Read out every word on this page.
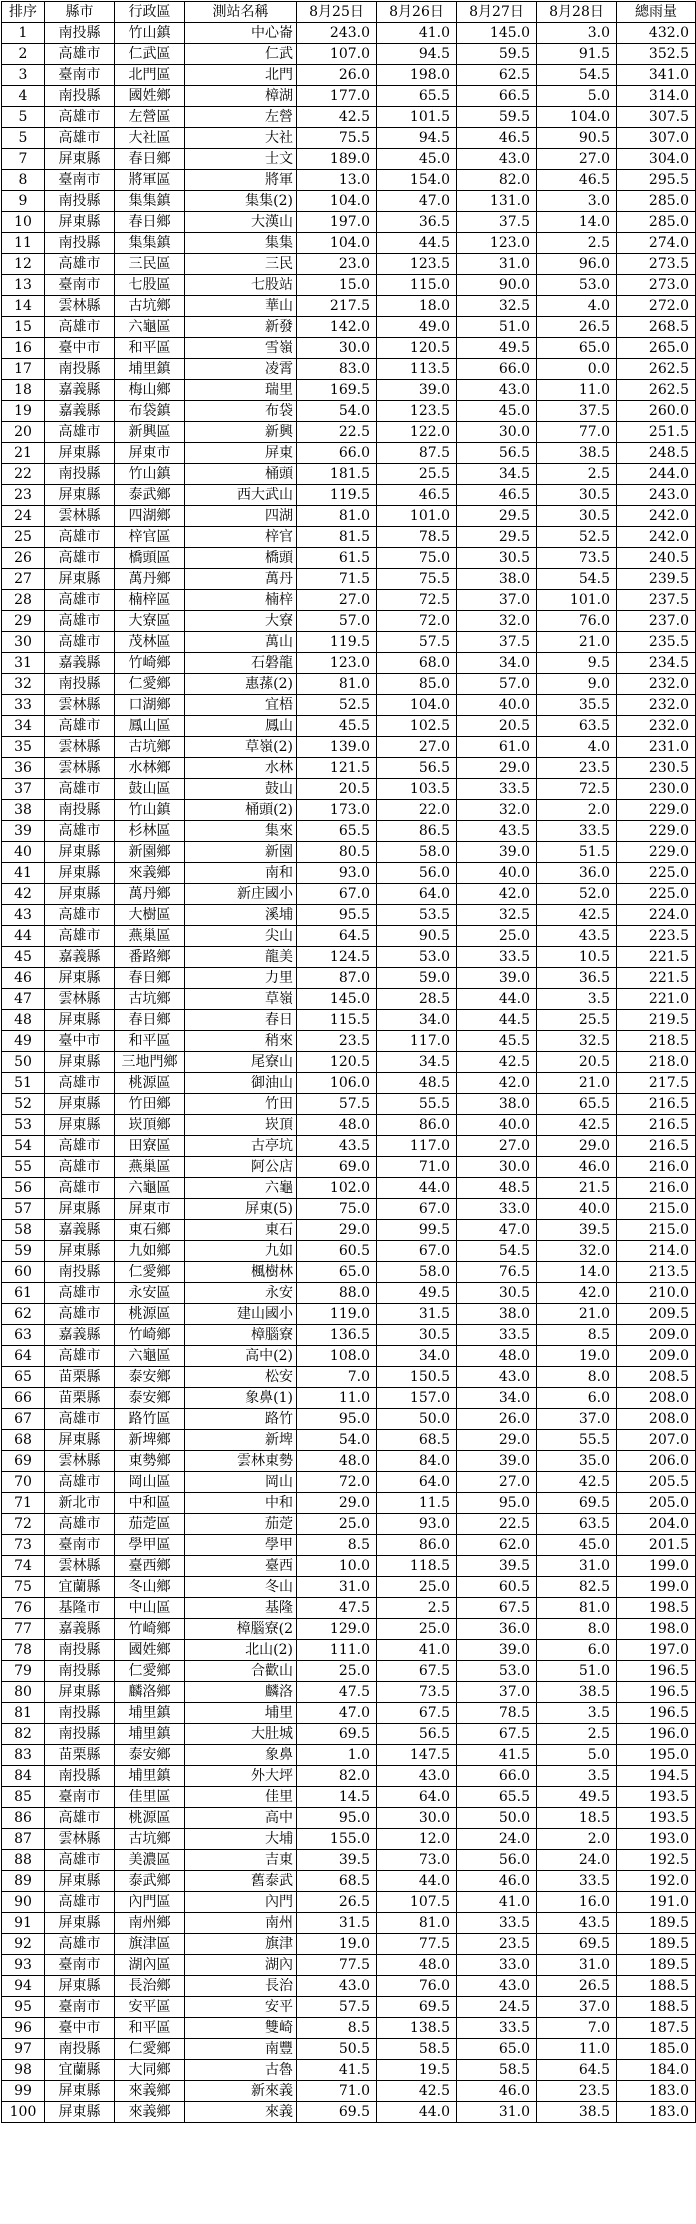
排序	縣市	行政區	測站名稱	8月25日	8月26日	8月27日	8月28日	總雨量
1	南投縣	竹山鎮	中心崙	243.0	41.0	145.0	3.0	432.0
2	高雄市	仁武區	仁武	107.0	94.5	59.5	91.5	352.5
3	臺南市	北門區	北門	26.0	198.0	62.5	54.5	341.0
4	南投縣	國姓鄉	樟湖	177.0	65.5	66.5	5.0	314.0
5	高雄市	左營區	左營	42.5	101.5	59.5	104.0	307.5
5	高雄市	大社區	大社	75.5	94.5	46.5	90.5	307.0
7	屏東縣	春日鄉	士文	189.0	45.0	43.0	27.0	304.0
8	臺南市	將軍區	將軍	13.0	154.0	82.0	46.5	295.5
9	南投縣	集集鎮	集集(2)	104.0	47.0	131.0	3.0	285.0
10	屏東縣	春日鄉	大漢山	197.0	36.5	37.5	14.0	285.0
11	南投縣	集集鎮	集集	104.0	44.5	123.0	2.5	274.0
12	高雄市	三民區	三民	23.0	123.5	31.0	96.0	273.5
13	臺南市	七股區	七股站	15.0	115.0	90.0	53.0	273.0
14	雲林縣	古坑鄉	華山	217.5	18.0	32.5	4.0	272.0
15	高雄市	六龜區	新發	142.0	49.0	51.0	26.5	268.5
16	臺中市	和平區	雪嶺	30.0	120.5	49.5	65.0	265.0
17	南投縣	埔里鎮	凌霄	83.0	113.5	66.0	0.0	262.5
18	嘉義縣	梅山鄉	瑞里	169.5	39.0	43.0	11.0	262.5
19	嘉義縣	布袋鎮	布袋	54.0	123.5	45.0	37.5	260.0
20	高雄市	新興區	新興	22.5	122.0	30.0	77.0	251.5
21	屏東縣	屏東市	屏東	66.0	87.5	56.5	38.5	248.5
22	南投縣	竹山鎮	桶頭	181.5	25.5	34.5	2.5	244.0
23	屏東縣	泰武鄉	西大武山	119.5	46.5	46.5	30.5	243.0
24	雲林縣	四湖鄉	四湖	81.0	101.0	29.5	30.5	242.0
25	高雄市	梓官區	梓官	81.5	78.5	29.5	52.5	242.0
26	高雄市	橋頭區	橋頭	61.5	75.0	30.5	73.5	240.5
27	屏東縣	萬丹鄉	萬丹	71.5	75.5	38.0	54.5	239.5
28	高雄市	楠梓區	楠梓	27.0	72.5	37.0	101.0	237.5
29	高雄市	大寮區	大寮	57.0	72.0	32.0	76.0	237.0
30	高雄市	茂林區	萬山	119.5	57.5	37.5	21.0	235.5
31	嘉義縣	竹崎鄉	石磐龍	123.0	68.0	34.0	9.5	234.5
32	南投縣	仁愛鄉	惠蓀(2)	81.0	85.0	57.0	9.0	232.0
33	雲林縣	口湖鄉	宜梧	52.5	104.0	40.0	35.5	232.0
34	高雄市	鳳山區	鳳山	45.5	102.5	20.5	63.5	232.0
35	雲林縣	古坑鄉	草嶺(2)	139.0	27.0	61.0	4.0	231.0
36	雲林縣	水林鄉	水林	121.5	56.5	29.0	23.5	230.5
37	高雄市	鼓山區	鼓山	20.5	103.5	33.5	72.5	230.0
38	南投縣	竹山鎮	桶頭(2)	173.0	22.0	32.0	2.0	229.0
39	高雄市	杉林區	集來	65.5	86.5	43.5	33.5	229.0
40	屏東縣	新園鄉	新園	80.5	58.0	39.0	51.5	229.0
41	屏東縣	來義鄉	南和	93.0	56.0	40.0	36.0	225.0
42	屏東縣	萬丹鄉	新庄國小	67.0	64.0	42.0	52.0	225.0
43	高雄市	大樹區	溪埔	95.5	53.5	32.5	42.5	224.0
44	高雄市	燕巢區	尖山	64.5	90.5	25.0	43.5	223.5
45	嘉義縣	番路鄉	龍美	124.5	53.0	33.5	10.5	221.5
46	屏東縣	春日鄉	力里	87.0	59.0	39.0	36.5	221.5
47	雲林縣	古坑鄉	草嶺	145.0	28.5	44.0	3.5	221.0
48	屏東縣	春日鄉	春日	115.5	34.0	44.5	25.5	219.5
49	臺中市	和平區	稍來	23.5	117.0	45.5	32.5	218.5
50	屏東縣	三地門鄉	尾寮山	120.5	34.5	42.5	20.5	218.0
51	高雄市	桃源區	御油山	106.0	48.5	42.0	21.0	217.5
52	屏東縣	竹田鄉	竹田	57.5	55.5	38.0	65.5	216.5
53	屏東縣	崁頂鄉	崁頂	48.0	86.0	40.0	42.5	216.5
54	高雄市	田寮區	古亭坑	43.5	117.0	27.0	29.0	216.5
55	高雄市	燕巢區	阿公店	69.0	71.0	30.0	46.0	216.0
56	高雄市	六龜區	六龜	102.0	44.0	48.5	21.5	216.0
57	屏東縣	屏東市	屏東(5)	75.0	67.0	33.0	40.0	215.0
58	嘉義縣	東石鄉	東石	29.0	99.5	47.0	39.5	215.0
59	屏東縣	九如鄉	九如	60.5	67.0	54.5	32.0	214.0
60	南投縣	仁愛鄉	楓樹林	65.0	58.0	76.5	14.0	213.5
61	高雄市	永安區	永安	88.0	49.5	30.5	42.0	210.0
62	高雄市	桃源區	建山國小	119.0	31.5	38.0	21.0	209.5
63	嘉義縣	竹崎鄉	樟腦寮	136.5	30.5	33.5	8.5	209.0
64	高雄市	六龜區	高中(2)	108.0	34.0	48.0	19.0	209.0
65	苗栗縣	泰安鄉	松安	7.0	150.5	43.0	8.0	208.5
66	苗栗縣	泰安鄉	象鼻(1)	11.0	157.0	34.0	6.0	208.0
67	高雄市	路竹區	路竹	95.0	50.0	26.0	37.0	208.0
68	屏東縣	新埤鄉	新埤	54.0	68.5	29.0	55.5	207.0
69	雲林縣	東勢鄉	雲林東勢	48.0	84.0	39.0	35.0	206.0
70	高雄市	岡山區	岡山	72.0	64.0	27.0	42.5	205.5
71	新北市	中和區	中和	29.0	11.5	95.0	69.5	205.0
72	高雄市	茄萣區	茄萣	25.0	93.0	22.5	63.5	204.0
73	臺南市	學甲區	學甲	8.5	86.0	62.0	45.0	201.5
74	雲林縣	臺西鄉	臺西	10.0	118.5	39.5	31.0	199.0
75	宜蘭縣	冬山鄉	冬山	31.0	25.0	60.5	82.5	199.0
76	基隆市	中山區	基隆	47.5	2.5	67.5	81.0	198.5
77	嘉義縣	竹崎鄉	樟腦寮(2	129.0	25.0	36.0	8.0	198.0
78	南投縣	國姓鄉	北山(2)	111.0	41.0	39.0	6.0	197.0
79	南投縣	仁愛鄉	合歡山	25.0	67.5	53.0	51.0	196.5
80	屏東縣	麟洛鄉	麟洛	47.5	73.5	37.0	38.5	196.5
81	南投縣	埔里鎮	埔里	47.0	67.5	78.5	3.5	196.5
82	南投縣	埔里鎮	大肚城	69.5	56.5	67.5	2.5	196.0
83	苗栗縣	泰安鄉	象鼻	1.0	147.5	41.5	5.0	195.0
84	南投縣	埔里鎮	外大坪	82.0	43.0	66.0	3.5	194.5
85	臺南市	佳里區	佳里	14.5	64.0	65.5	49.5	193.5
86	高雄市	桃源區	高中	95.0	30.0	50.0	18.5	193.5
87	雲林縣	古坑鄉	大埔	155.0	12.0	24.0	2.0	193.0
88	高雄市	美濃區	吉東	39.5	73.0	56.0	24.0	192.5
89	屏東縣	泰武鄉	舊泰武	68.5	44.0	46.0	33.5	192.0
90	高雄市	內門區	內門	26.5	107.5	41.0	16.0	191.0
91	屏東縣	南州鄉	南州	31.5	81.0	33.5	43.5	189.5
92	高雄市	旗津區	旗津	19.0	77.5	23.5	69.5	189.5
93	臺南市	湖內區	湖內	77.5	48.0	33.0	31.0	189.5
94	屏東縣	長治鄉	長治	43.0	76.0	43.0	26.5	188.5
95	臺南市	安平區	安平	57.5	69.5	24.5	37.0	188.5
96	臺中市	和平區	雙崎	8.5	138.5	33.5	7.0	187.5
97	南投縣	仁愛鄉	南豐	50.5	58.5	65.0	11.0	185.0
98	宜蘭縣	大同鄉	古魯	41.5	19.5	58.5	64.5	184.0
99	屏東縣	來義鄉	新來義	71.0	42.5	46.0	23.5	183.0
100	屏東縣	來義鄉	來義	69.5	44.0	31.0	38.5	183.0
